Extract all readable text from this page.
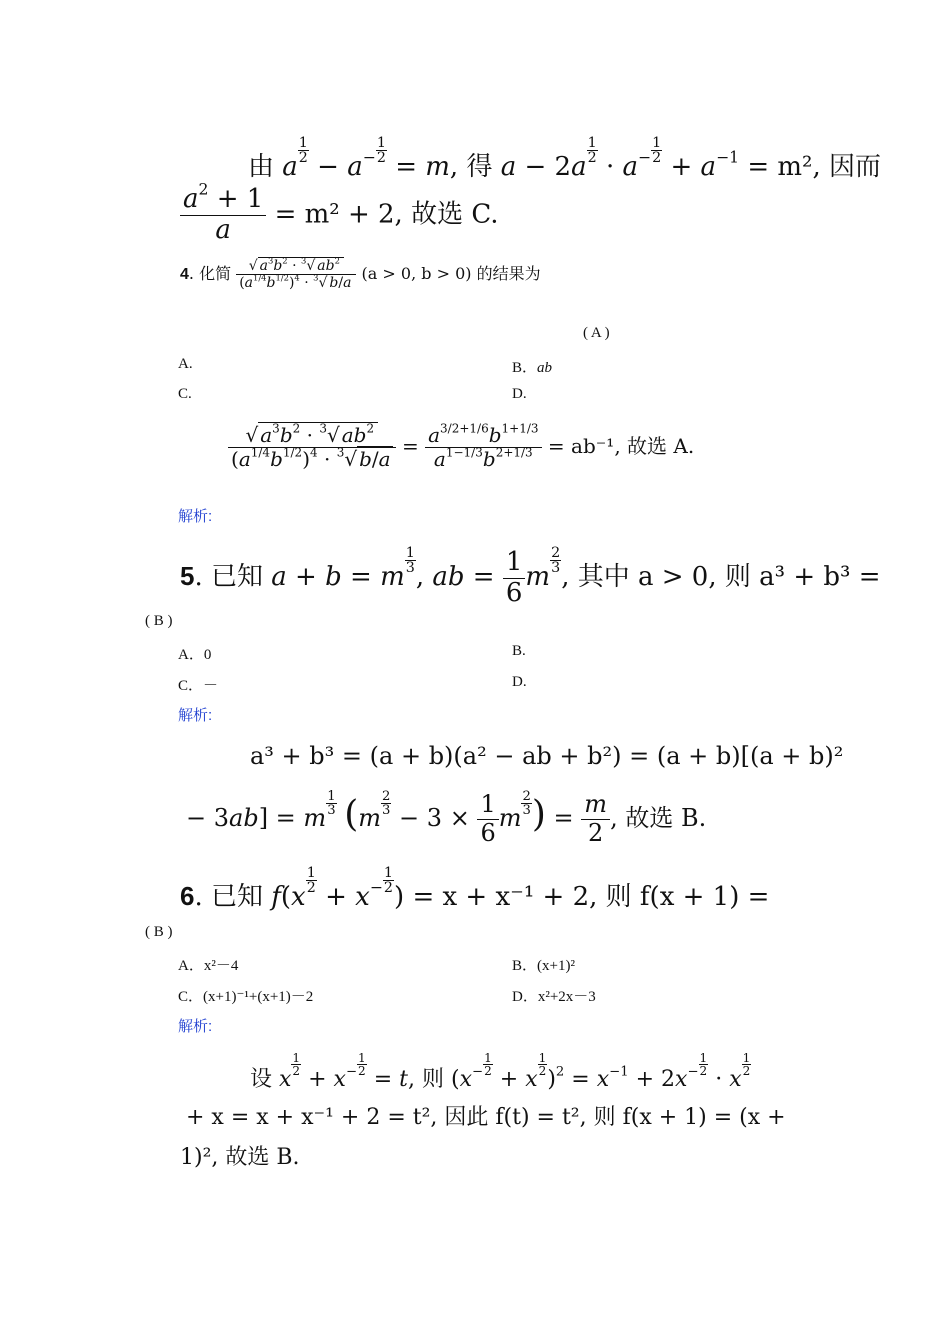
由 a
$\frac{1}{2}$
− $a^- \frac{1}{2}$
= m, 得 a − 2a
$\frac{1}{2}$
· $a^- \frac{1}{2}$
+ $a^{-1} = m^2$, 因而
$\frac{a^2 + 1}{a} = m^2 + 2$, 故选 C.
4. 化简 $\frac{√ a^3b^2 \cdot ^3√ ab^2}{(a^{1/4}b^{1/2})^4 \cdot ^3√ b/a} (a > 0$, b > 0) 的结果为
( A )
A.	B．ab
C.	D.
$\frac{√ a^3b^2 \cdot ^3√ ab^2}{(a^{1/4}b^{1/2})^4 \cdot ^3√ b/a} = \frac{a^{3/2+1/6}b^{1+1/3}}{a^{1-1/3}b^{2+1/3}} = ab^{-1}$, 故选 A.
解析:
5. 已知 a + b = m
$\frac{1}{3}$
, ab = $\frac{1}{6}$ m
$\frac{2}{3}$
, 其中 a > 0, 则 a³ + b³ =
( B )
A．0	B.
C．－	D.
解析:
a³ + b³ = (a + b)(a² − ab + b²) = (a + b)[(a + b)²
− 3ab] = m
$\frac{1}{3} (m$
$\frac{2}{3}$
− $3 \times \frac{1}{6}$ m
$\frac{2}{3}$ ) = $\frac{m}{2}$ , 故选 B.
6. 已知 f(x
$\frac{1}{2}$
+ $x^- \frac{1}{2}$
) = x + x⁻¹ + 2, 则 f(x + 1) =
( B )
A．x²－4	B．(x+1)²
C．(x+1)⁻¹+(x+1)－2	D．x²+2x－3
解析:
设 x
$\frac{1}{2}$
+ $x^- \frac{1}{2}$
= t, 则 ($x^- \frac{1}{2}$
+ x
$\frac{1}{2}$
)$^2 = x^{-1} + 2x^- \frac{1}{2}$
· x
$\frac{1}{2}$
+ x = x + x⁻¹ + 2 = t², 因此 f(t) = t², 则 f(x + 1) = (x +
1)², 故选 B.
